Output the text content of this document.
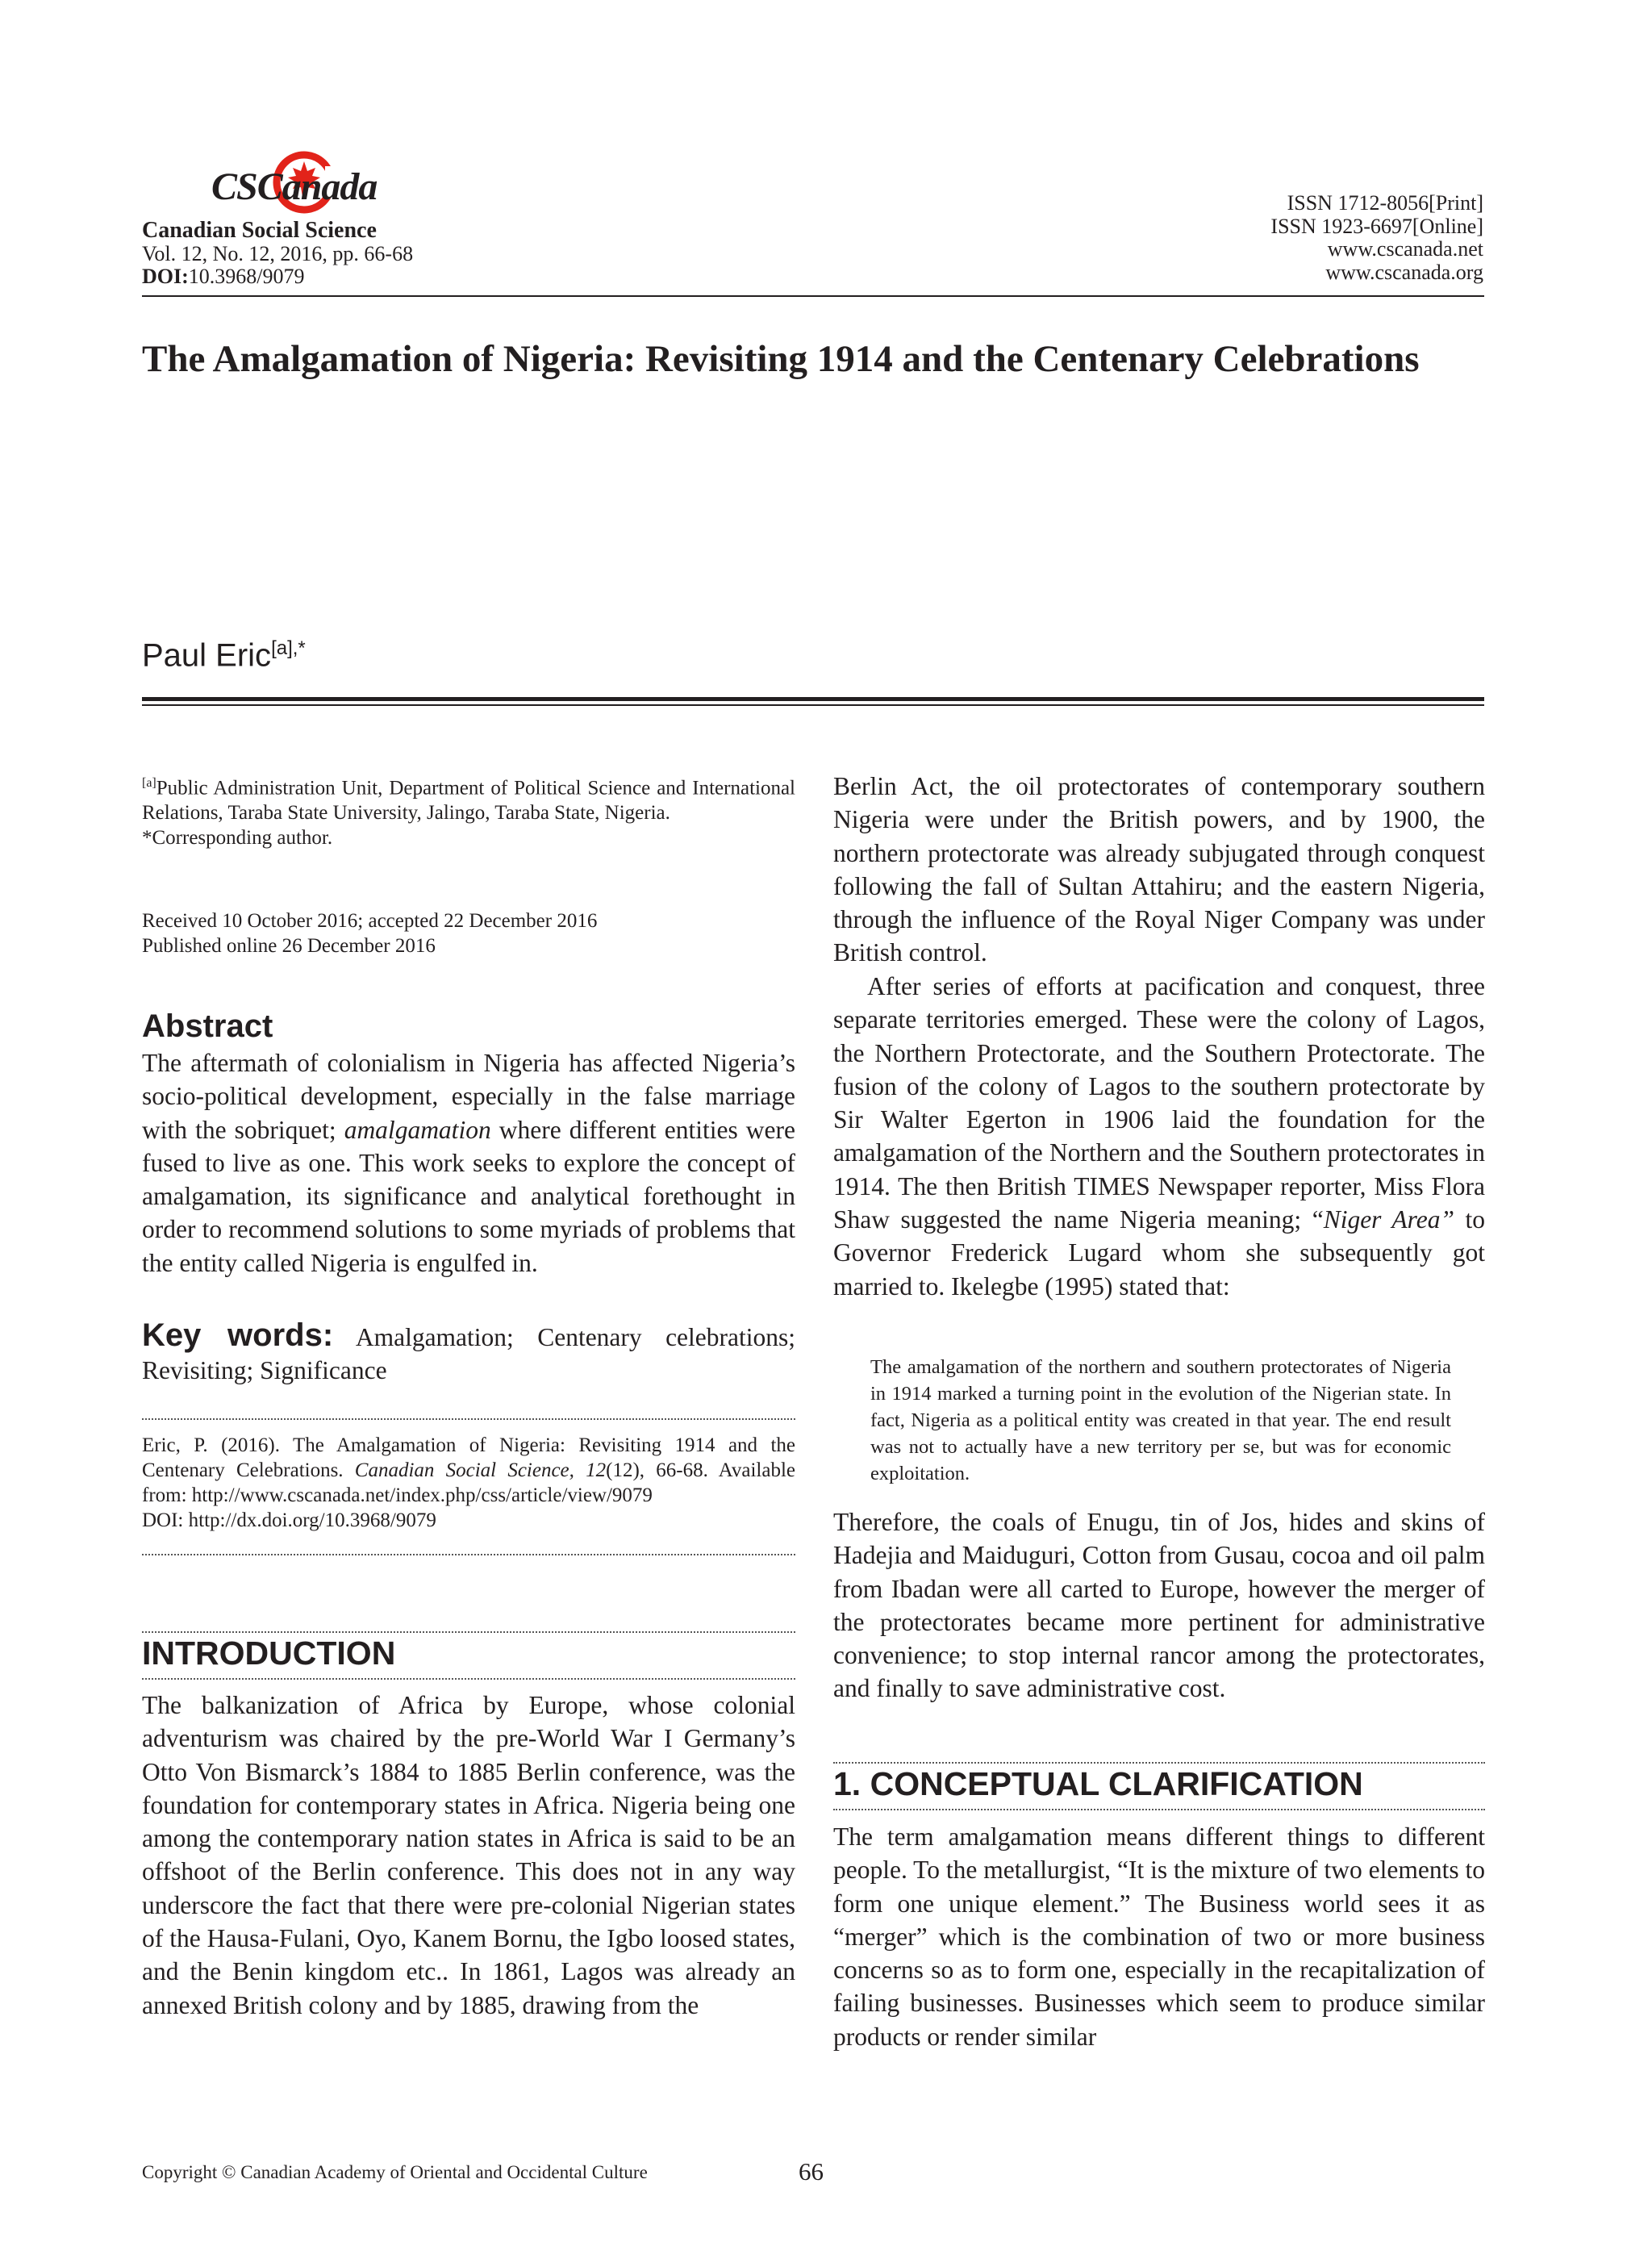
CSCanada
Canadian Social Science
Vol. 12, No. 12, 2016, pp. 66-68
DOI:10.3968/9079
ISSN 1712-8056[Print]
ISSN 1923-6697[Online]
www.cscanada.net
www.cscanada.org
The Amalgamation of Nigeria: Revisiting 1914 and the Centenary Celebrations
Paul Eric$^{[a],*}$

[a]Public Administration Unit, Department of Political Science and International Relations, Taraba State University, Jalingo, Taraba State, Nigeria.

*Corresponding author.

Received 10 October 2016; accepted 22 December 2016

Published online 26 December 2016

Abstract
The aftermath of colonialism in Nigeria has affected Nigeria’s socio-political development, especially in the false marriage with the sobriquet; amalgamation where different entities were fused to live as one. This work seeks to explore the concept of amalgamation, its significance and analytical forethought in order to recommend solutions to some myriads of problems that the entity called Nigeria is engulfed in.
Key words: Amalgamation; Centenary celebrations; Revisiting; Significance

Eric, P. (2016). The Amalgamation of Nigeria: Revisiting 1914 and the Centenary Celebrations. Canadian Social Science, 12(12), 66-68. Available from: http://www.cscanada.net/index.php/css/article/view/9079

DOI: http://dx.doi.org/10.3968/9079

INTRODUCTION
The balkanization of Africa by Europe, whose colonial adventurism was chaired by the pre-World War I Germany’s Otto Von Bismarck’s 1884 to 1885 Berlin conference, was the foundation for contemporary states in Africa. Nigeria being one among the contemporary nation states in Africa is said to be an offshoot of the Berlin conference. This does not in any way underscore the fact that there were pre-colonial Nigerian states of the Hausa-Fulani, Oyo, Kanem Bornu, the Igbo loosed states, and the Benin kingdom etc.. In 1861, Lagos was already an annexed British colony and by 1885, drawing from the
Berlin Act, the oil protectorates of contemporary southern Nigeria were under the British powers, and by 1900, the northern protectorate was already subjugated through conquest following the fall of Sultan Attahiru; and the eastern Nigeria, through the influence of the Royal Niger Company was under British control.
After series of efforts at pacification and conquest, three separate territories emerged. These were the colony of Lagos, the Northern Protectorate, and the Southern Protectorate. The fusion of the colony of Lagos to the southern protectorate by Sir Walter Egerton in 1906 laid the foundation for the amalgamation of the Northern and the Southern protectorates in 1914. The then British TIMES Newspaper reporter, Miss Flora Shaw suggested the name Nigeria meaning; “Niger Area” to Governor Frederick Lugard whom she subsequently got married to. Ikelegbe (1995) stated that:
The amalgamation of the northern and southern protectorates of Nigeria in 1914 marked a turning point in the evolution of the Nigerian state. In fact, Nigeria as a political entity was created in that year. The end result was not to actually have a new territory per se, but was for economic exploitation.
Therefore, the coals of Enugu, tin of Jos, hides and skins of Hadejia and Maiduguri, Cotton from Gusau, cocoa and oil palm from Ibadan were all carted to Europe, however the merger of the protectorates became more pertinent for administrative convenience; to stop internal rancor among the protectorates, and finally to save administrative cost.
1. CONCEPTUAL CLARIFICATION
The term amalgamation means different things to different people. To the metallurgist, “It is the mixture of two elements to form one unique element.” The Business world sees it as “merger” which is the combination of two or more business concerns so as to form one, especially in the recapitalization of failing businesses. Businesses which seem to produce similar products or render similar
Copyright © Canadian Academy of Oriental and Occidental Culture	66
